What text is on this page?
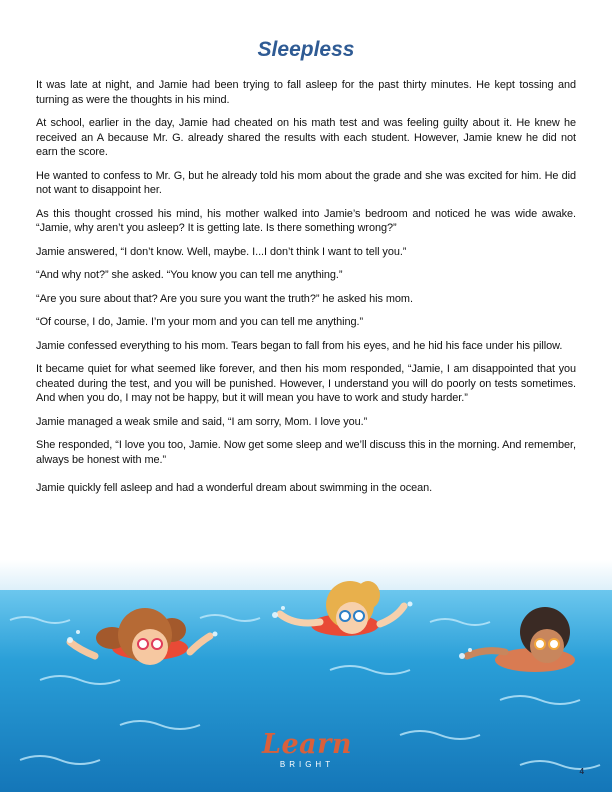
Sleepless

It was late at night, and Jamie had been trying to fall asleep for the past thirty minutes. He kept tossing and turning as were the thoughts in his mind.

At school, earlier in the day, Jamie had cheated on his math test and was feeling guilty about it. He knew he received an A because Mr. G. already shared the results with each student. However, Jamie knew he did not earn the score.

He wanted to confess to Mr. G, but he already told his mom about the grade and she was excited for him. He did not want to disappoint her.

As this thought crossed his mind, his mother walked into Jamie’s bedroom and noticed he was wide awake. “Jamie, why aren’t you asleep? It is getting late. Is there something wrong?”

Jamie answered, “I don’t know. Well, maybe. I...I don’t think I want to tell you.”

“And why not?” she asked. “You know you can tell me anything.”

“Are you sure about that? Are you sure you want the truth?” he asked his mom.

“Of course, I do, Jamie. I’m your mom and you can tell me anything.”

Jamie confessed everything to his mom. Tears began to fall from his eyes, and he hid his face under his pillow.

It became quiet for what seemed like forever, and then his mom responded, “Jamie, I am disappointed that you cheated during the test, and you will be punished. However, I understand you will do poorly on tests sometimes. And when you do, I may not be happy, but it will mean you have to work and study harder.”

Jamie managed a weak smile and said, “I am sorry, Mom. I love you.”

She responded, “I love you too, Jamie. Now get some sleep and we’ll discuss this in the morning. And remember, always be honest with me.”

Jamie quickly fell asleep and had a wonderful dream about swimming in the ocean.

Learn
BRIGHT
4
